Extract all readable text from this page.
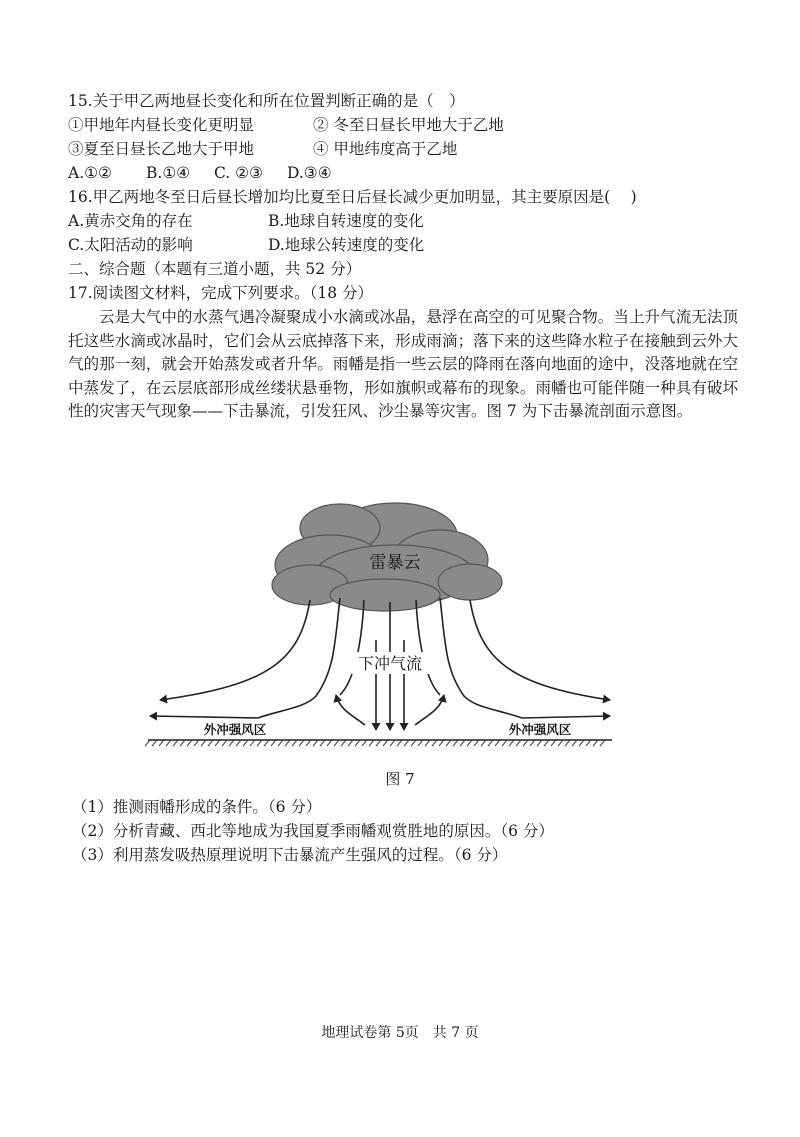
15.关于甲乙两地昼长变化和所在位置判断正确的是（　）
①甲地年内昼长变化更明显	② 冬至日昼长甲地大于乙地
③夏至日昼长乙地大于甲地	④ 甲地纬度高于乙地
A.①② B.①④ C. ②③ D.③④
16.甲乙两地冬至日后昼长增加均比夏至日后昼长减少更加明显，其主要原因是(　 )
A.黄赤交角的存在	B.地球自转速度的变化
C.太阳活动的影响	D.地球公转速度的变化
二、综合题（本题有三道小题，共 52 分）
17.阅读图文材料，完成下列要求。（18 分）
云是大气中的水蒸气遇冷凝聚成小水滴或冰晶，悬浮在高空的可见聚合物。当上升气流无法顶托这些水滴或冰晶时，它们会从云底掉落下来，形成雨滴；落下来的这些降水粒子在接触到云外大气的那一刻，就会开始蒸发或者升华。雨幡是指一些云层的降雨在落向地面的途中，没落地就在空中蒸发了，在云层底部形成丝缕状悬垂物，形如旗帜或幕布的现象。雨幡也可能伴随一种具有破坏性的灾害天气现象——下击暴流，引发狂风、沙尘暴等灾害。图 7 为下击暴流剖面示意图。
雷暴云
下冲气流
外冲强风区	外冲强风区
图 7
（1）推测雨幡形成的条件。（6 分）
（2）分析青藏、西北等地成为我国夏季雨幡观赏胜地的原因。（6 分）
（3）利用蒸发吸热原理说明下击暴流产生强风的过程。（6 分）
地理试卷第 5页　共 7 页
